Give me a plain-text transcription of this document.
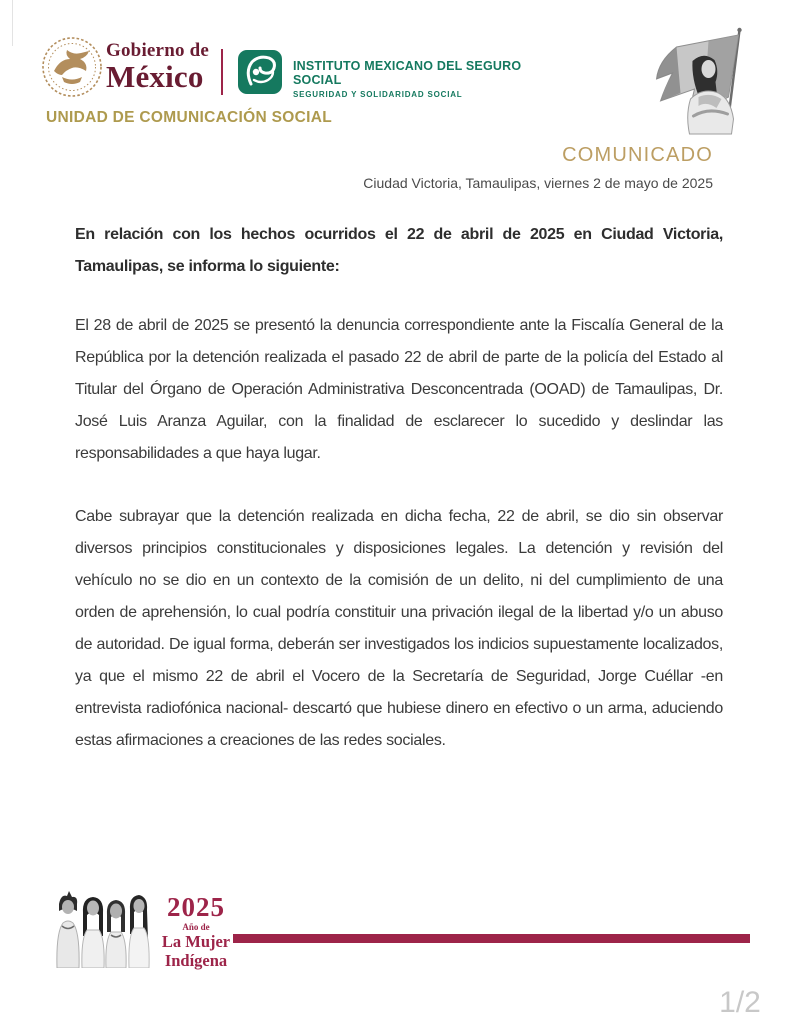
Gobierno de
México	INSTITUTO MEXICANO DEL SEGURO SOCIAL
SEGURIDAD Y SOLIDARIDAD SOCIAL
UNIDAD DE COMUNICACIÓN SOCIAL
COMUNICADO
Ciudad Victoria, Tamaulipas, viernes 2 de mayo de 2025

En relación con los hechos ocurridos el 22 de abril de 2025 en Ciudad Victoria, Tamaulipas, se informa lo siguiente:

El 28 de abril de 2025 se presentó la denuncia correspondiente ante la Fiscalía General de la República por la detención realizada el pasado 22 de abril de parte de la policía del Estado al Titular del Órgano de Operación Administrativa Desconcentrada (OOAD) de Tamaulipas, Dr. José Luis Aranza Aguilar, con la finalidad de esclarecer lo sucedido y deslindar las responsabilidades a que haya lugar.

Cabe subrayar que la detención realizada en dicha fecha, 22 de abril, se dio sin observar diversos principios constitucionales y disposiciones legales. La detención y revisión del vehículo no se dio en un contexto de la comisión de un delito, ni del cumplimiento de una orden de aprehensión, lo cual podría constituir una privación ilegal de la libertad y/o un abuso de autoridad. De igual forma, deberán ser investigados los indicios supuestamente localizados, ya que el mismo 22 de abril el Vocero de la Secretaría de Seguridad, Jorge Cuéllar -en entrevista radiofónica nacional- descartó que hubiese dinero en efectivo o un arma, aduciendo estas afirmaciones a creaciones de las redes sociales.

2025
Año de
La Mujer
Indígena
1/2
